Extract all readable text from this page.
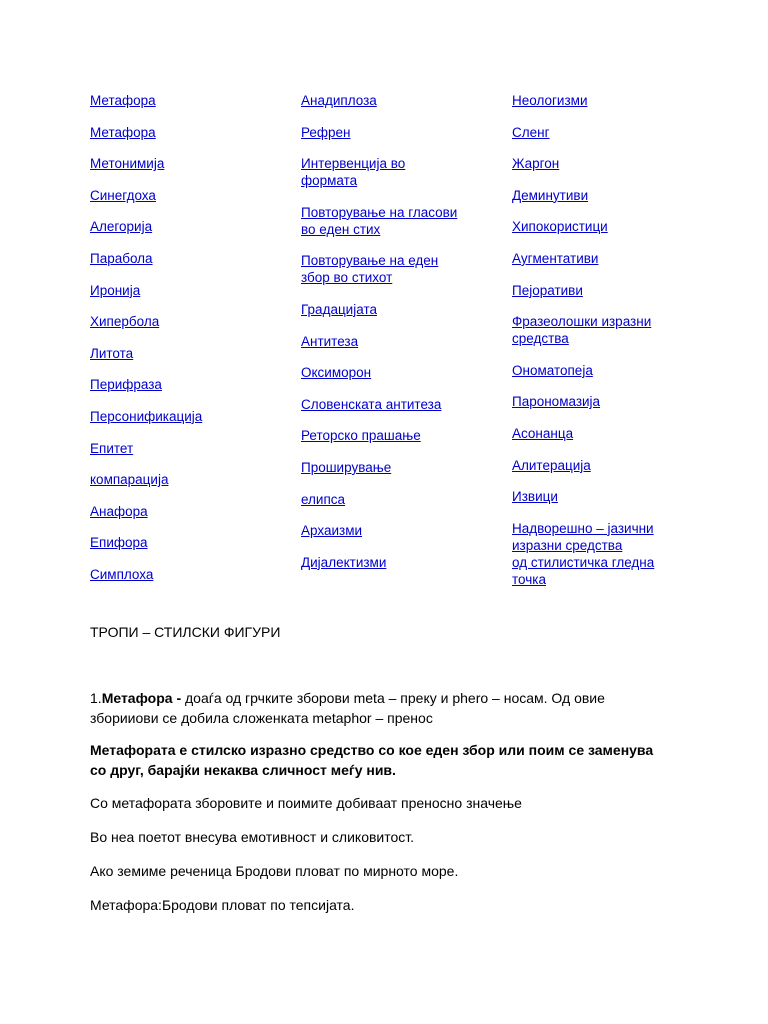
Метафора
Метафора
Метонимија
Синегдоха
Алегорија
Парабола
Иронија
Хипербола
Литота
Перифраза
Персонификација
Епитет
компарација
Анафора
Епифора
Симплоха
Анадиплоза
Рефрен
Интервенција во
формата
Повторување на гласови
во еден стих
Повторување на еден
збор во стихот
Градацијата
Антитеза
Оксиморон
Словенската антитеза
Реторско прашање
Проширување
елипса
Архаизми
Дијалектизми
Неологизми
Сленг
Жаргон
Деминутиви
Хипокористици
Аугментативи
Пејоративи
Фразеолошки изразни
средства
Ономатопеја
Парономазија
Асонанца
Алитерација
Извици
Надворешно – јазични
изразни средства
од стилистичка гледна
точка
ТРОПИ – СТИЛСКИ ФИГУРИ

1.Метафора - доаѓа од грчките зборови meta – преку и phero – носам. Од овие зборииови се добила сложенката metaphor – пренос

Метафората е стилско изразно средство со кое еден збор или поим се заменува со друг, барајќи некаква сличност меѓу нив.

Со метафората зборовите и поимите добиваат преносно значење

Во неа поетот внесува емотивност и сликовитост.

Ако земиме реченица Бродови пловат по мирното море.

Метафора:Бродови пловат по тепсијата.
